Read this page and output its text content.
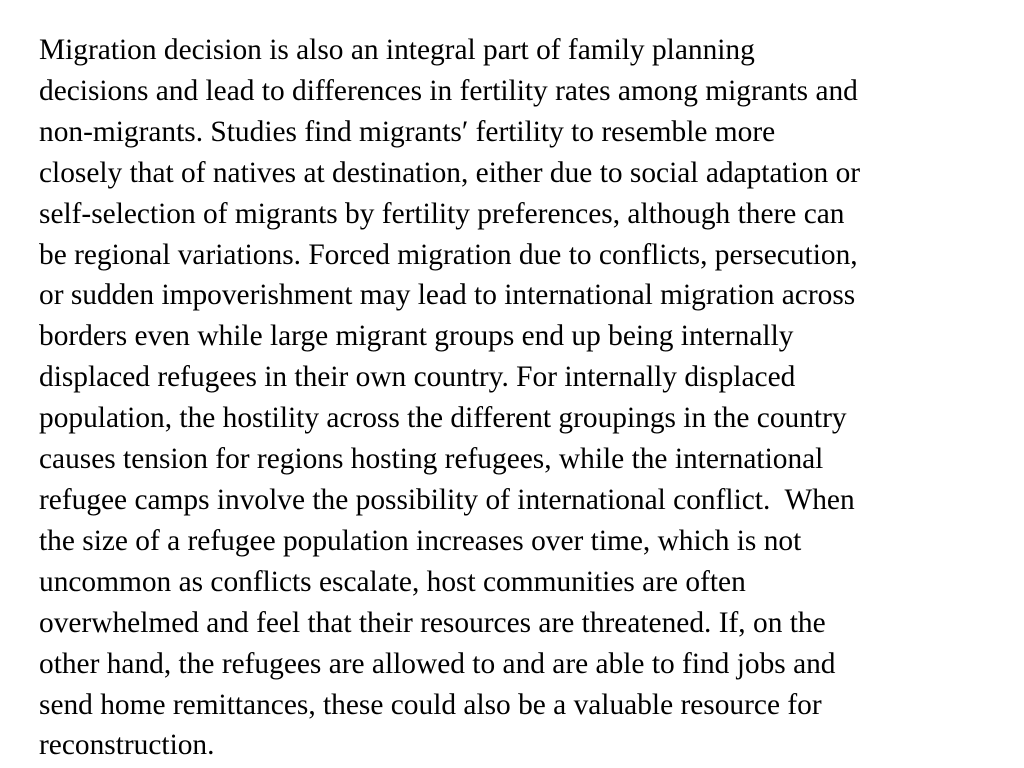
Migration decision is also an integral part of family planning
decisions and lead to differences in fertility rates among migrants and
non-migrants. Studies find migrants′ fertility to resemble more
closely that of natives at destination, either due to social adaptation or
self-selection of migrants by fertility preferences, although there can
be regional variations. Forced migration due to conflicts, persecution,
or sudden impoverishment may lead to international migration across
borders even while large migrant groups end up being internally
displaced refugees in their own country. For internally displaced
population, the hostility across the different groupings in the country
causes tension for regions hosting refugees, while the international
refugee camps involve the possibility of international conflict.  When
the size of a refugee population increases over time, which is not
uncommon as conflicts escalate, host communities are often
overwhelmed and feel that their resources are threatened. If, on the
other hand, the refugees are allowed to and are able to find jobs and
send home remittances, these could also be a valuable resource for
reconstruction.
